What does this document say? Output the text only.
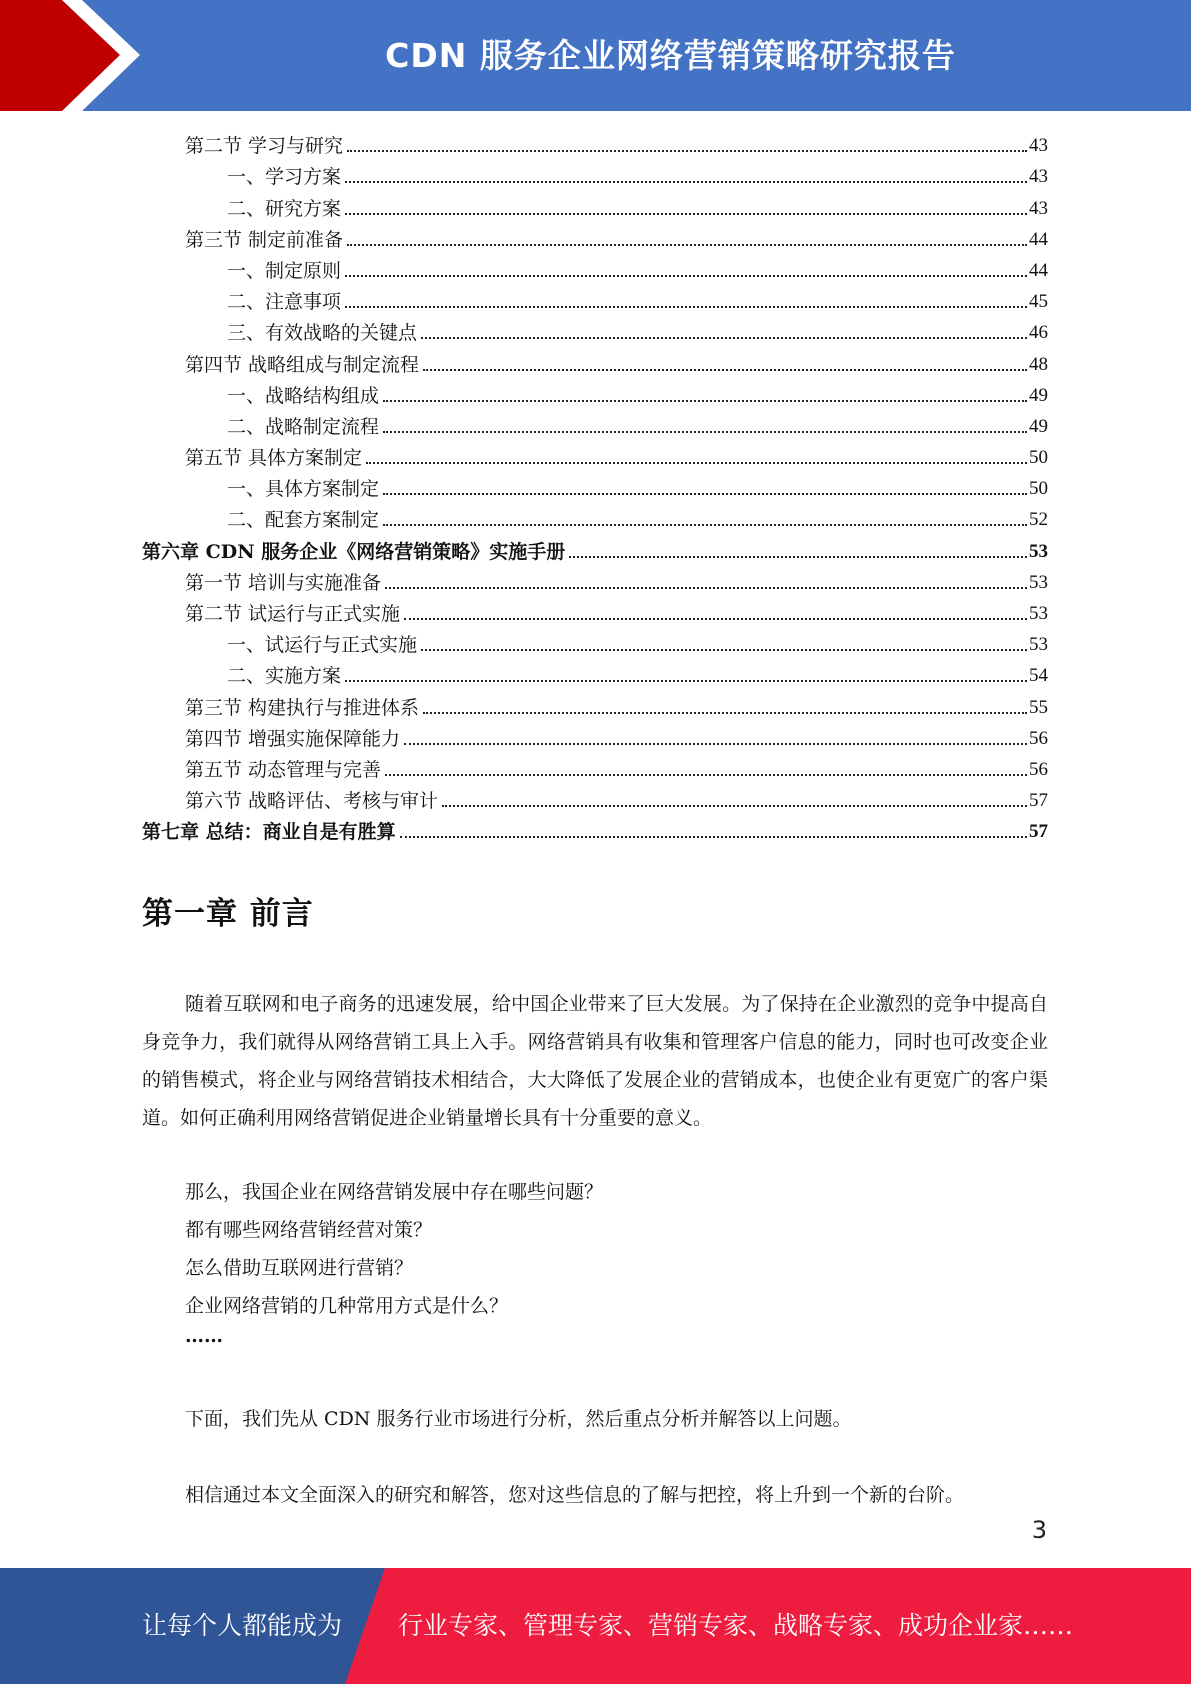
CDN 服务企业网络营销策略研究报告
第二节 学习与研究	43
一、学习方案	43
二、研究方案	43
第三节 制定前准备	44
一、制定原则	44
二、注意事项	45
三、有效战略的关键点	46
第四节 战略组成与制定流程	48
一、战略结构组成	49
二、战略制定流程	49
第五节 具体方案制定	50
一、具体方案制定	50
二、配套方案制定	52
第六章 CDN 服务企业《网络营销策略》实施手册	53
第一节 培训与实施准备	53
第二节 试运行与正式实施	53
一、试运行与正式实施	53
二、实施方案	54
第三节 构建执行与推进体系	55
第四节 增强实施保障能力	56
第五节 动态管理与完善	56
第六节 战略评估、考核与审计	57
第七章 总结：商业自是有胜算	57
第一章 前言

随着互联网和电子商务的迅速发展，给中国企业带来了巨大发展。为了保持在企业激烈的竞争中提高自身竞争力，我们就得从网络营销工具上入手。网络营销具有收集和管理客户信息的能力，同时也可改变企业的销售模式，将企业与网络营销技术相结合，大大降低了发展企业的营销成本，也使企业有更宽广的客户渠道。如何正确利用网络营销促进企业销量增长具有十分重要的意义。

那么，我国企业在网络营销发展中存在哪些问题？
都有哪些网络营销经营对策？
怎么借助互联网进行营销？
企业网络营销的几种常用方式是什么？
……

下面，我们先从 CDN 服务行业市场进行分析，然后重点分析并解答以上问题。

相信通过本文全面深入的研究和解答，您对这些信息的了解与把控，将上升到一个新的台阶。

3
让每个人都能成为 行业专家、管理专家、营销专家、战略专家、成功企业家……
